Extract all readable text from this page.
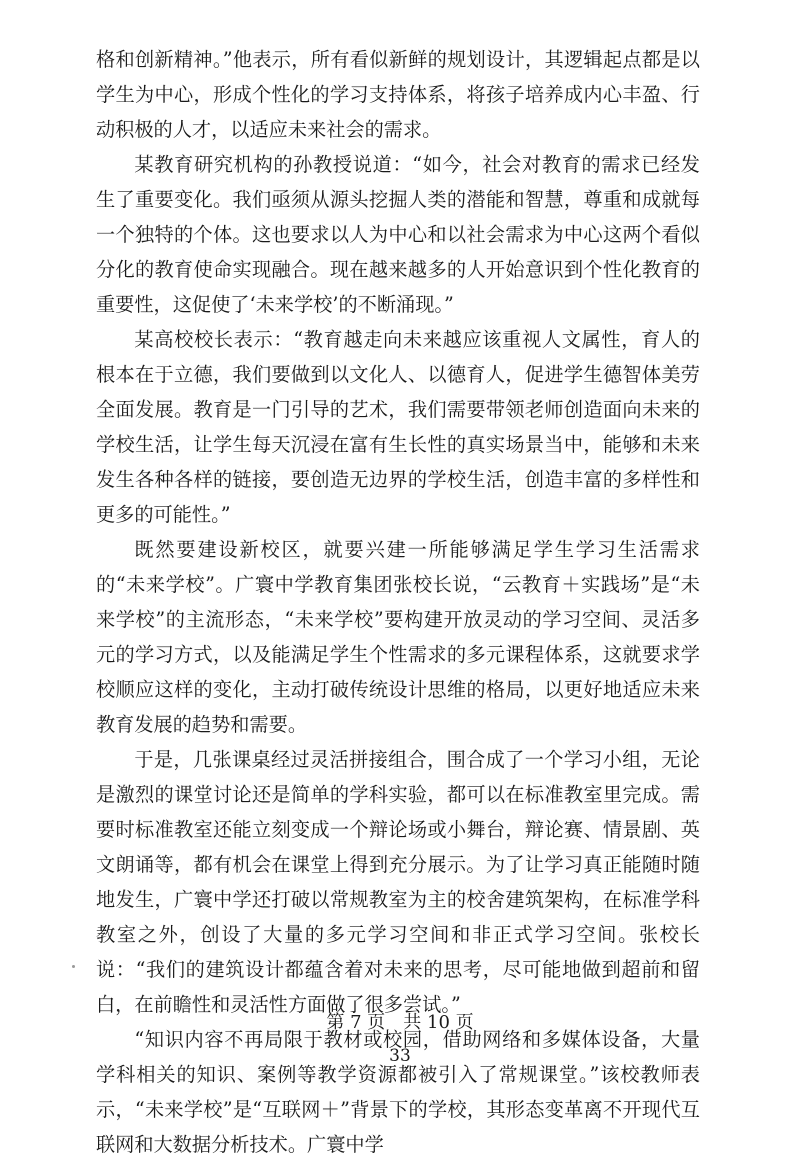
格和创新精神。”他表示，所有看似新鲜的规划设计，其逻辑起点都是以学生为中心，形成个性化的学习支持体系，将孩子培养成内心丰盈、行动积极的人才，以适应未来社会的需求。

某教育研究机构的孙教授说道：“如今，社会对教育的需求已经发生了重要变化。我们亟须从源头挖掘人类的潜能和智慧，尊重和成就每一个独特的个体。这也要求以人为中心和以社会需求为中心这两个看似分化的教育使命实现融合。现在越来越多的人开始意识到个性化教育的重要性，这促使了‘未来学校’的不断涌现。”

某高校校长表示：“教育越走向未来越应该重视人文属性，育人的根本在于立德，我们要做到以文化人、以德育人，促进学生德智体美劳全面发展。教育是一门引导的艺术，我们需要带领老师创造面向未来的学校生活，让学生每天沉浸在富有生长性的真实场景当中，能够和未来发生各种各样的链接，要创造无边界的学校生活，创造丰富的多样性和更多的可能性。”

既然要建设新校区，就要兴建一所能够满足学生学习生活需求的“未来学校”。广寰中学教育集团张校长说，“云教育＋实践场”是“未来学校”的主流形态，“未来学校”要构建开放灵动的学习空间、灵活多元的学习方式，以及能满足学生个性需求的多元课程体系，这就要求学校顺应这样的变化，主动打破传统设计思维的格局，以更好地适应未来教育发展的趋势和需要。

于是，几张课桌经过灵活拼接组合，围合成了一个学习小组，无论是激烈的课堂讨论还是简单的学科实验，都可以在标准教室里完成。需要时标准教室还能立刻变成一个辩论场或小舞台，辩论赛、情景剧、英文朗诵等，都有机会在课堂上得到充分展示。为了让学习真正能随时随地发生，广寰中学还打破以常规教室为主的校舍建筑架构，在标准学科教室之外，创设了大量的多元学习空间和非正式学习空间。张校长说：“我们的建筑设计都蕴含着对未来的思考，尽可能地做到超前和留白，在前瞻性和灵活性方面做了很多尝试。”

“知识内容不再局限于教材或校园，借助网络和多媒体设备，大量学科相关的知识、案例等教学资源都被引入了常规课堂。”该校教师表示，“未来学校”是“互联网＋”背景下的学校，其形态变革离不开现代互联网和大数据分析技术。广寰中学

第 7 页　共 10 页
33
